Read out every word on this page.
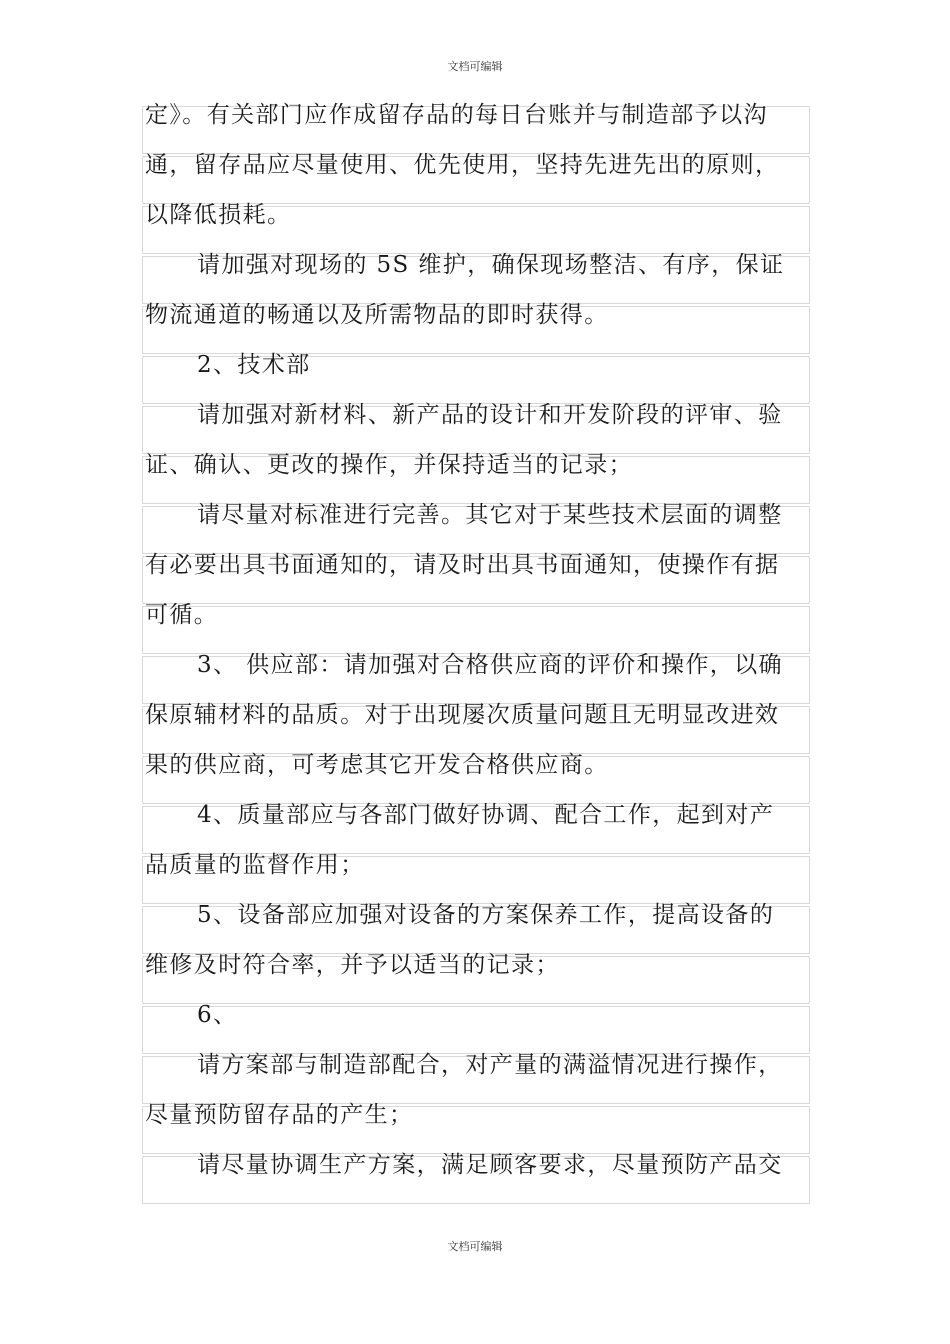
文档可编辑
定》。有关部门应作成留存品的每日台账并与制造部予以沟
通，留存品应尽量使用、优先使用，坚持先进先出的原则，
以降低损耗。
请加强对现场的 5S 维护，确保现场整洁、有序，保证
物流通道的畅通以及所需物品的即时获得。
2、技术部
请加强对新材料、新产品的设计和开发阶段的评审、验
证、确认、更改的操作，并保持适当的记录；
请尽量对标准进行完善。其它对于某些技术层面的调整
有必要出具书面通知的，请及时出具书面通知，使操作有据
可循。
3、 供应部：请加强对合格供应商的评价和操作，以确
保原辅材料的品质。对于出现屡次质量问题且无明显改进效
果的供应商，可考虑其它开发合格供应商。
4、质量部应与各部门做好协调、配合工作，起到对产
品质量的监督作用；
5、设备部应加强对设备的方案保养工作，提高设备的
维修及时符合率，并予以适当的记录；
6、
请方案部与制造部配合，对产量的满溢情况进行操作，
尽量预防留存品的产生；
请尽量协调生产方案，满足顾客要求，尽量预防产品交
文档可编辑
